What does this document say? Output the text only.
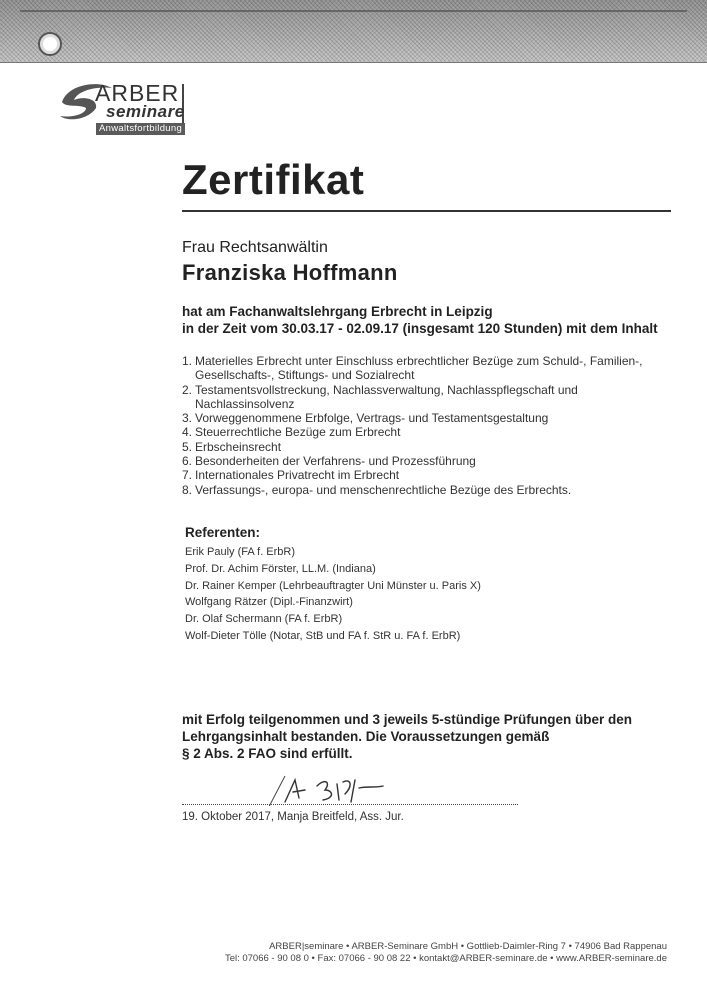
ARBER
seminare
Anwaltsfortbildung
Zertifikat

Frau Rechtsanwältin

Franziska Hoffmann

hat am Fachanwaltslehrgang Erbrecht in Leipzig
in der Zeit vom 30.03.17 - 02.09.17 (insgesamt 120 Stunden) mit dem Inhalt

1. Materielles Erbrecht unter Einschluss erbrechtlicher Bezüge zum Schuld-, Familien-, Gesellschafts-, Stiftungs- und Sozialrecht
2. Testamentsvollstreckung, Nachlassverwaltung, Nachlasspflegschaft und Nachlassinsolvenz
3. Vorweggenommene Erbfolge, Vertrags- und Testamentsgestaltung
4. Steuerrechtliche Bezüge zum Erbrecht
5. Erbscheinsrecht
6. Besonderheiten der Verfahrens- und Prozessführung
7. Internationales Privatrecht im Erbrecht
8. Verfassungs-, europa- und menschenrechtliche Bezüge des Erbrechts.

Referenten:

Erik Pauly (FA f. ErbR)
Prof. Dr. Achim Förster, LL.M. (Indiana)
Dr. Rainer Kemper (Lehrbeauftragter Uni Münster u. Paris X)
Wolfgang Rätzer (Dipl.-Finanzwirt)
Dr. Olaf Schermann (FA f. ErbR)
Wolf-Dieter Tölle (Notar, StB und FA f. StR u. FA f. ErbR)

mit Erfolg teilgenommen und 3 jeweils 5-stündige Prüfungen über den
Lehrgangsinhalt bestanden. Die Voraussetzungen gemäß
§ 2 Abs. 2 FAO sind erfüllt.

19. Oktober 2017, Manja Breitfeld, Ass. Jur.

ARBER|seminare • ARBER-Seminare GmbH • Gottlieb-Daimler-Ring 7 • 74906 Bad Rappenau
Tel: 07066 - 90 08 0 • Fax: 07066 - 90 08 22 • kontakt@ARBER-seminare.de • www.ARBER-seminare.de
